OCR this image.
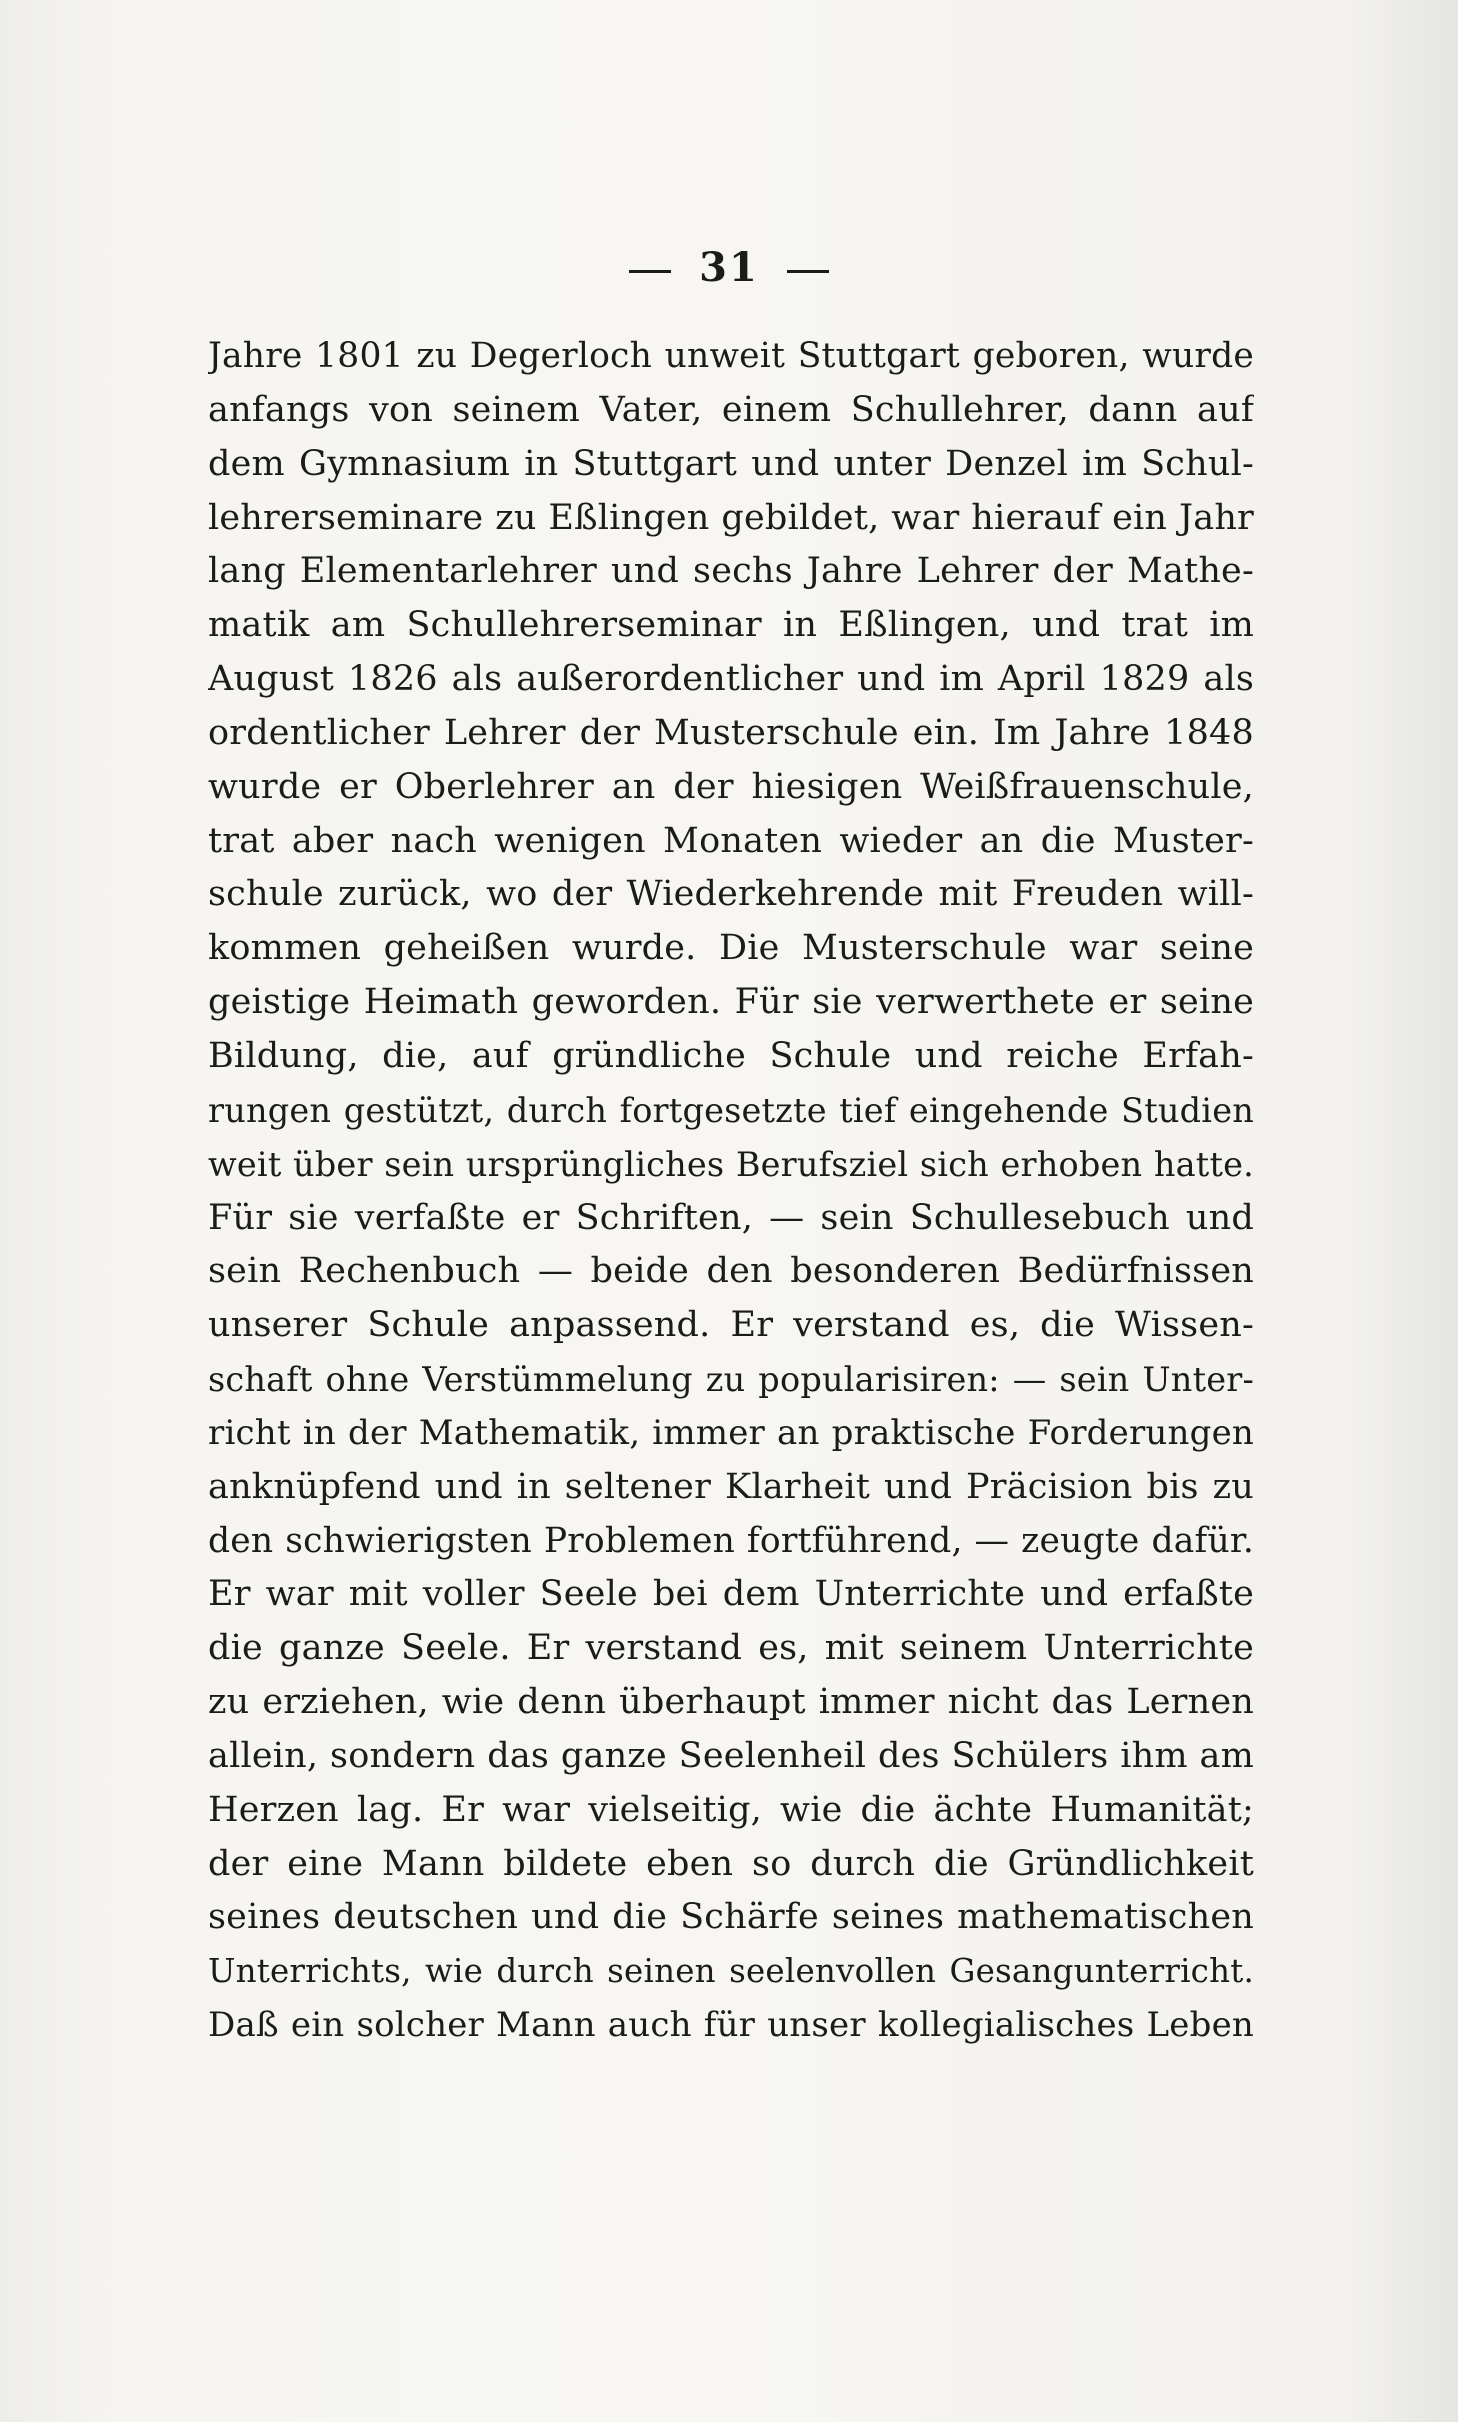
31
Jahre 1801 zu Degerloch unweit Stuttgart geboren, wurde
anfangs von seinem Vater, einem Schullehrer, dann auf
dem Gymnasium in Stuttgart und unter Denzel im Schul-
lehrerseminare zu Eßlingen gebildet, war hierauf ein Jahr
lang Elementarlehrer und sechs Jahre Lehrer der Mathe-
matik am Schullehrerseminar in Eßlingen, und trat im
August 1826 als außerordentlicher und im April 1829 als
ordentlicher Lehrer der Musterschule ein. Im Jahre 1848
wurde er Oberlehrer an der hiesigen Weißfrauenschule,
trat aber nach wenigen Monaten wieder an die Muster-
schule zurück, wo der Wiederkehrende mit Freuden will-
kommen geheißen wurde. Die Musterschule war seine
geistige Heimath geworden. Für sie verwerthete er seine
Bildung, die, auf gründliche Schule und reiche Erfah-
rungen gestützt, durch fortgesetzte tief eingehende Studien
weit über sein ursprüngliches Berufsziel sich erhoben hatte.
Für sie verfaßte er Schriften, — sein Schullesebuch und
sein Rechenbuch — beide den besonderen Bedürfnissen
unserer Schule anpassend. Er verstand es, die Wissen-
schaft ohne Verstümmelung zu popularisiren: — sein Unter-
richt in der Mathematik, immer an praktische Forderungen
anknüpfend und in seltener Klarheit und Präcision bis zu
den schwierigsten Problemen fortführend, — zeugte dafür.
Er war mit voller Seele bei dem Unterrichte und erfaßte
die ganze Seele. Er verstand es, mit seinem Unterrichte
zu erziehen, wie denn überhaupt immer nicht das Lernen
allein, sondern das ganze Seelenheil des Schülers ihm am
Herzen lag. Er war vielseitig, wie die ächte Humanität;
der eine Mann bildete eben so durch die Gründlichkeit
seines deutschen und die Schärfe seines mathematischen
Unterrichts, wie durch seinen seelenvollen Gesangunterricht.
Daß ein solcher Mann auch für unser kollegialisches Leben
